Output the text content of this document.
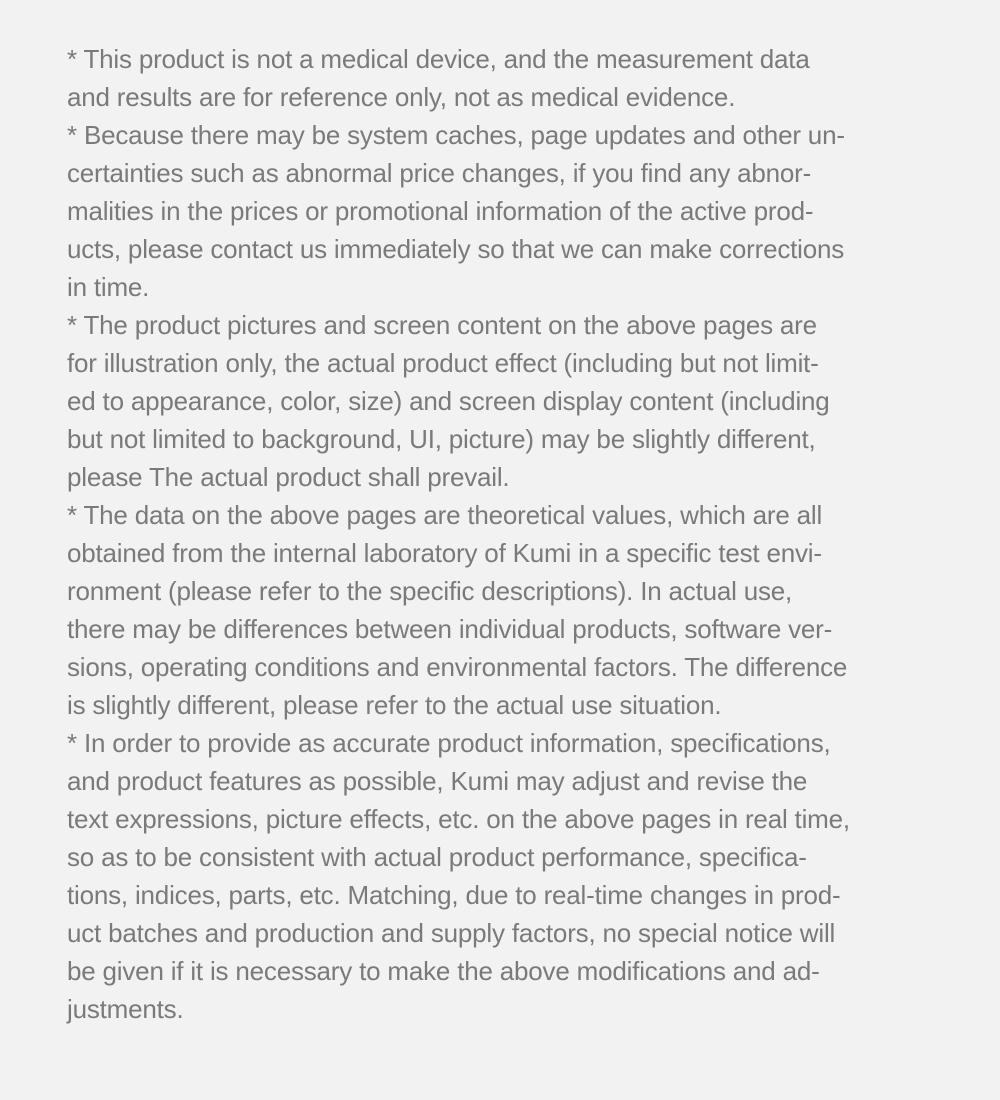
* This product is not a medical device, and the measurement data
and results are for reference only, not as medical evidence.
* Because there may be system caches, page updates and other un-
certainties such as abnormal price changes, if you find any abnor-
malities in the prices or promotional information of the active prod-
ucts, please contact us immediately so that we can make corrections
in time.
* The product pictures and screen content on the above pages are
for illustration only, the actual product effect (including but not limit-
ed to appearance, color, size) and screen display content (including
but not limited to background, UI, picture) may be slightly different,
please The actual product shall prevail.
* The data on the above pages are theoretical values, which are all
obtained from the internal laboratory of Kumi in a specific test envi-
ronment (please refer to the specific descriptions). In actual use,
there may be differences between individual products, software ver-
sions, operating conditions and environmental factors. The difference
is slightly different, please refer to the actual use situation.
* In order to provide as accurate product information, specifications,
and product features as possible, Kumi may adjust and revise the
text expressions, picture effects, etc. on the above pages in real time,
so as to be consistent with actual product performance, specifica-
tions, indices, parts, etc. Matching, due to real-time changes in prod-
uct batches and production and supply factors, no special notice will
be given if it is necessary to make the above modifications and ad-
justments.
